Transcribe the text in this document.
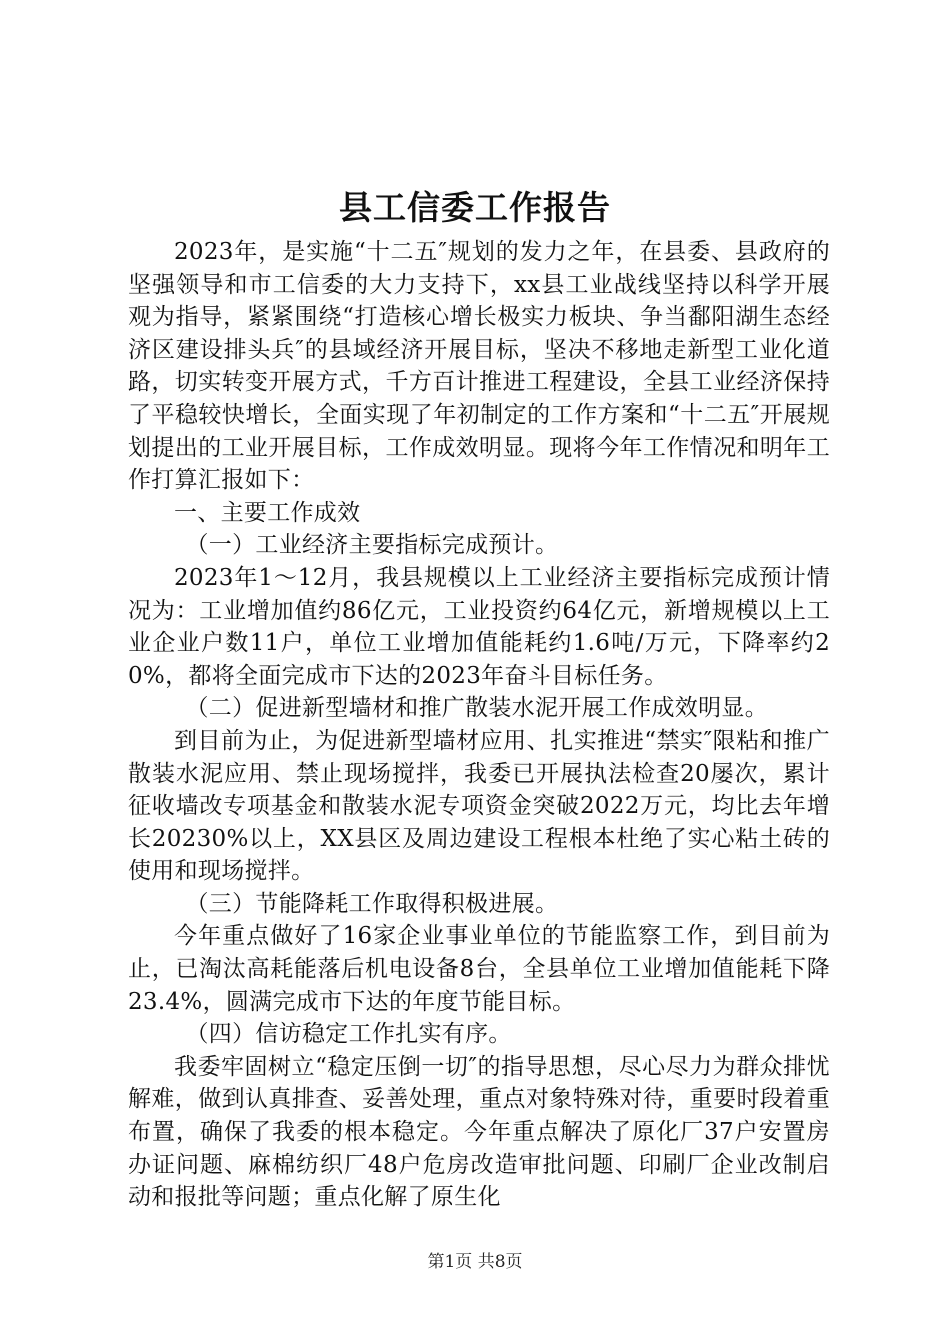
县工信委工作报告

2023年，是实施“十二五″规划的发力之年，在县委、县政府的坚强领导和市工信委的大力支持下，xx县工业战线坚持以科学开展观为指导，紧紧围绕“打造核心增长极实力板块、争当鄱阳湖生态经济区建设排头兵″的县域经济开展目标，坚决不移地走新型工业化道路，切实转变开展方式，千方百计推进工程建设，全县工业经济保持了平稳较快增长，全面实现了年初制定的工作方案和“十二五″开展规划提出的工业开展目标，工作成效明显。现将今年工作情况和明年工作打算汇报如下：

一、主要工作成效

（一）工业经济主要指标完成预计。

2023年1～12月，我县规模以上工业经济主要指标完成预计情况为：工业增加值约86亿元，工业投资约64亿元，新增规模以上工业企业户数11户，单位工业增加值能耗约1.6吨/万元，下降率约20%，都将全面完成市下达的2023年奋斗目标任务。

（二）促进新型墙材和推广散装水泥开展工作成效明显。

到目前为止，为促进新型墙材应用、扎实推进“禁实″限粘和推广散装水泥应用、禁止现场搅拌，我委已开展执法检查20屡次，累计征收墙改专项基金和散装水泥专项资金突破2022万元，均比去年增长20230%以上，XX县区及周边建设工程根本杜绝了实心粘土砖的使用和现场搅拌。

（三）节能降耗工作取得积极进展。

今年重点做好了16家企业事业单位的节能监察工作，到目前为止，已淘汰高耗能落后机电设备8台，全县单位工业增加值能耗下降23.4%，圆满完成市下达的年度节能目标。

（四）信访稳定工作扎实有序。

我委牢固树立“稳定压倒一切″的指导思想，尽心尽力为群众排忧解难，做到认真排查、妥善处理，重点对象特殊对待，重要时段着重布置，确保了我委的根本稳定。今年重点解决了原化厂37户安置房办证问题、麻棉纺织厂48户危房改造审批问题、印刷厂企业改制启动和报批等问题；重点化解了原生化

第1页 共8页
